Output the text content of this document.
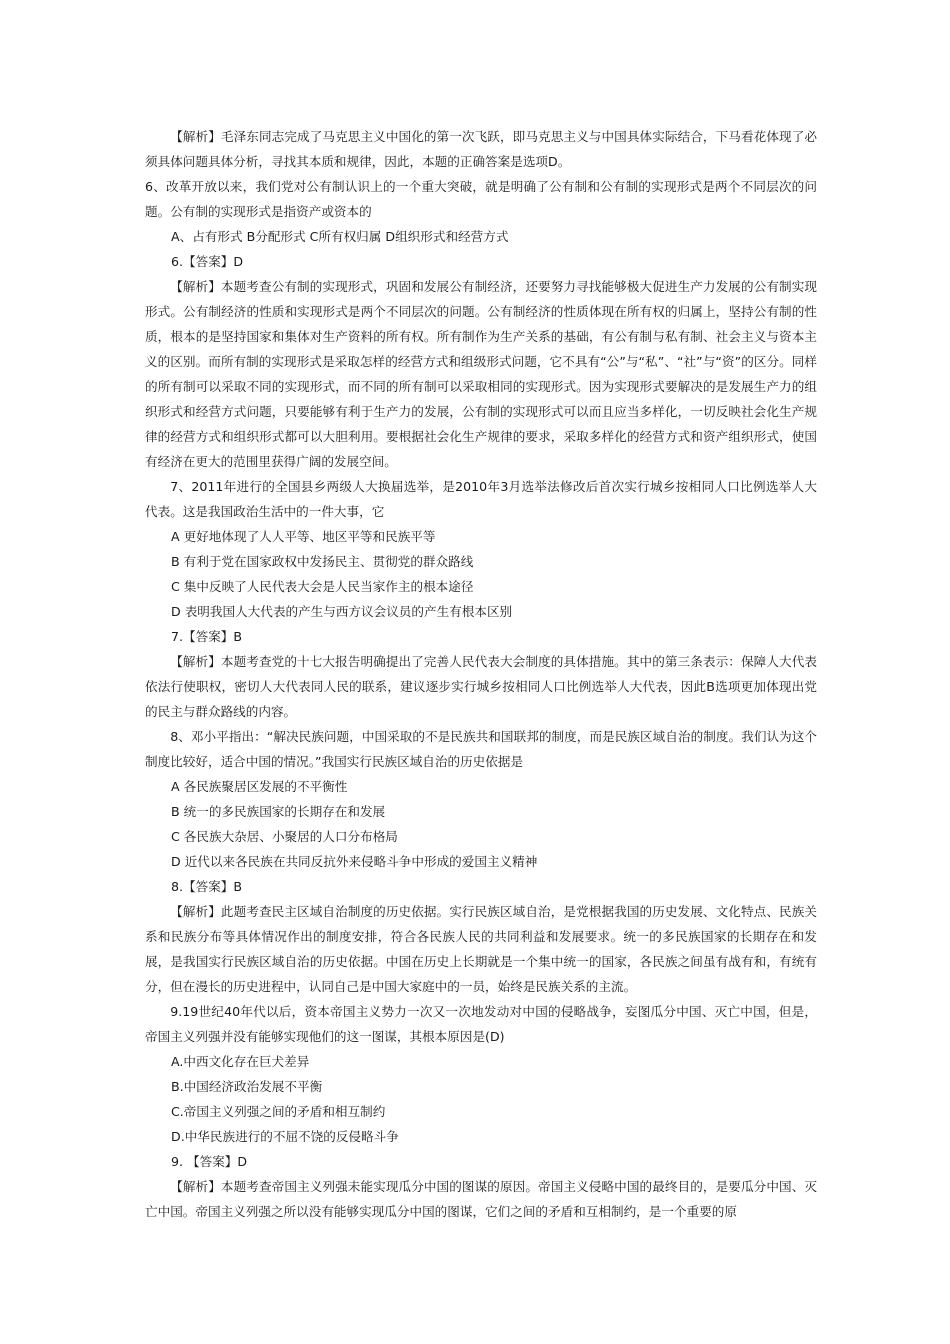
【解析】毛泽东同志完成了马克思主义中国化的第一次飞跃，即马克思主义与中国具体实际结合，下马看花体现了必须具体问题具体分析，寻找其本质和规律，因此，本题的正确答案是选项D。

6、改革开放以来，我们党对公有制认识上的一个重大突破，就是明确了公有制和公有制的实现形式是两个不同层次的问题。公有制的实现形式是指资产或资本的

A、占有形式 B分配形式 C所有权归属 D组织形式和经营方式

6.【答案】D

【解析】本题考查公有制的实现形式，巩固和发展公有制经济，还要努力寻找能够极大促进生产力发展的公有制实现形式。公有制经济的性质和实现形式是两个不同层次的问题。公有制经济的性质体现在所有权的归属上，坚持公有制的性质，根本的是坚持国家和集体对生产资料的所有权。所有制作为生产关系的基础，有公有制与私有制、社会主义与资本主义的区别。而所有制的实现形式是采取怎样的经营方式和组级形式问题，它不具有“公”与“私”、“社”与“资”的区分。同样的所有制可以采取不同的实现形式，而不同的所有制可以采取相同的实现形式。因为实现形式要解决的是发展生产力的组织形式和经营方式问题，只要能够有利于生产力的发展，公有制的实现形式可以而且应当多样化，一切反映社会化生产规律的经营方式和组织形式都可以大胆利用。要根据社会化生产规律的要求，采取多样化的经营方式和资产组织形式，使国有经济在更大的范围里获得广阔的发展空间。

7、2011年进行的全国县乡两级人大换届选举，是2010年3月选举法修改后首次实行城乡按相同人口比例选举人大代表。这是我国政治生活中的一件大事，它

A 更好地体现了人人平等、地区平等和民族平等

B 有利于党在国家政权中发扬民主、贯彻党的群众路线

C 集中反映了人民代表大会是人民当家作主的根本途径

D 表明我国人大代表的产生与西方议会议员的产生有根本区别

7.【答案】B

【解析】本题考查党的十七大报告明确提出了完善人民代表大会制度的具体措施。其中的第三条表示：保障人大代表依法行使职权，密切人大代表同人民的联系，建议逐步实行城乡按相同人口比例选举人大代表，因此B选项更加体现出党的民主与群众路线的内容。

8、邓小平指出：“解决民族问题，中国采取的不是民族共和国联邦的制度，而是民族区域自治的制度。我们认为这个制度比较好，适合中国的情况。”我国实行民族区域自治的历史依据是

A 各民族聚居区发展的不平衡性

B 统一的多民族国家的长期存在和发展

C 各民族大杂居、小聚居的人口分布格局

D 近代以来各民族在共同反抗外来侵略斗争中形成的爱国主义精神

8.【答案】B

【解析】此题考查民主区域自治制度的历史依据。实行民族区域自治，是党根据我国的历史发展、文化特点、民族关系和民族分布等具体情况作出的制度安排，符合各民族人民的共同利益和发展要求。统一的多民族国家的长期存在和发展，是我国实行民族区域自治的历史依据。中国在历史上长期就是一个集中统一的国家，各民族之间虽有战有和，有统有分，但在漫长的历史进程中，认同自己是中国大家庭中的一员，始终是民族关系的主流。

9.19世纪40年代以后，资本帝国主义势力一次又一次地发动对中国的侵略战争，妄图瓜分中国、灭亡中国，但是，帝国主义列强并没有能够实现他们的这一图谋，其根本原因是(D)

A.中西文化存在巨犬差异

B.中国经济政治发展不平衡

C.帝国主义列强之间的矛盾和相互制约

D.中华民族进行的不屈不饶的反侵略斗争

9. 【答案】D

【解析】本题考查帝国主义列强未能实现瓜分中国的图谋的原因。帝国主义侵略中国的最终目的，是要瓜分中国、灭亡中国。帝国主义列强之所以没有能够实现瓜分中国的图谋，它们之间的矛盾和互相制约，是一个重要的原
